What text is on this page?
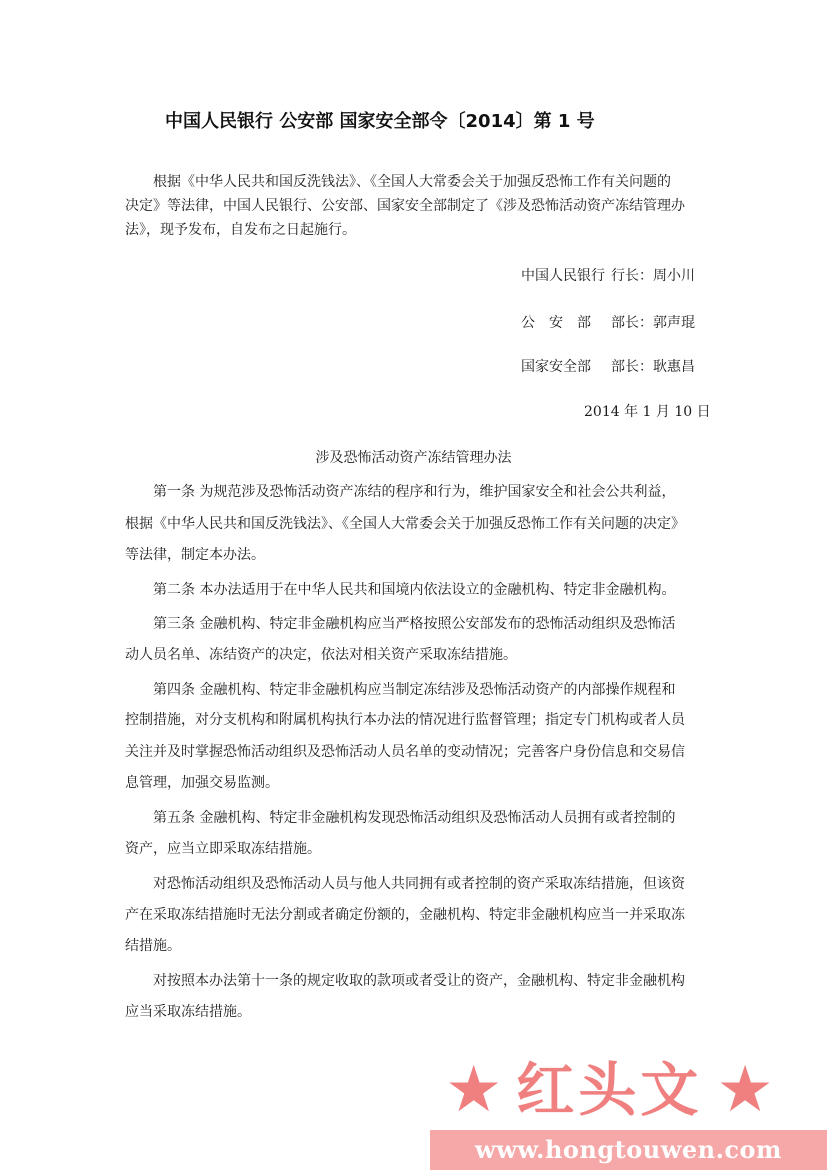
中国人民银行 公安部 国家安全部令〔2014〕第 1 号
根据《中华人民共和国反洗钱法》、《全国人大常委会关于加强反恐怖工作有关问题的
决定》等法律，中国人民银行、公安部、国家安全部制定了《涉及恐怖活动资产冻结管理办
法》，现予发布，自发布之日起施行。
中国人民银行 行长：周小川
公　安　部 部长：郭声琨
国家安全部 部长：耿惠昌
2014 年 1 月 10 日
涉及恐怖活动资产冻结管理办法
第一条 为规范涉及恐怖活动资产冻结的程序和行为，维护国家安全和社会公共利益，
根据《中华人民共和国反洗钱法》、《全国人大常委会关于加强反恐怖工作有关问题的决定》
等法律，制定本办法。
第二条 本办法适用于在中华人民共和国境内依法设立的金融机构、特定非金融机构。
第三条 金融机构、特定非金融机构应当严格按照公安部发布的恐怖活动组织及恐怖活
动人员名单、冻结资产的决定，依法对相关资产采取冻结措施。
第四条 金融机构、特定非金融机构应当制定冻结涉及恐怖活动资产的内部操作规程和
控制措施，对分支机构和附属机构执行本办法的情况进行监督管理；指定专门机构或者人员
关注并及时掌握恐怖活动组织及恐怖活动人员名单的变动情况；完善客户身份信息和交易信
息管理，加强交易监测。
第五条 金融机构、特定非金融机构发现恐怖活动组织及恐怖活动人员拥有或者控制的
资产，应当立即采取冻结措施。
对恐怖活动组织及恐怖活动人员与他人共同拥有或者控制的资产采取冻结措施，但该资
产在采取冻结措施时无法分割或者确定份额的，金融机构、特定非金融机构应当一并采取冻
结措施。
对按照本办法第十一条的规定收取的款项或者受让的资产，金融机构、特定非金融机构
应当采取冻结措施。
★ 红头文 ★
www.hongtouwen.com
